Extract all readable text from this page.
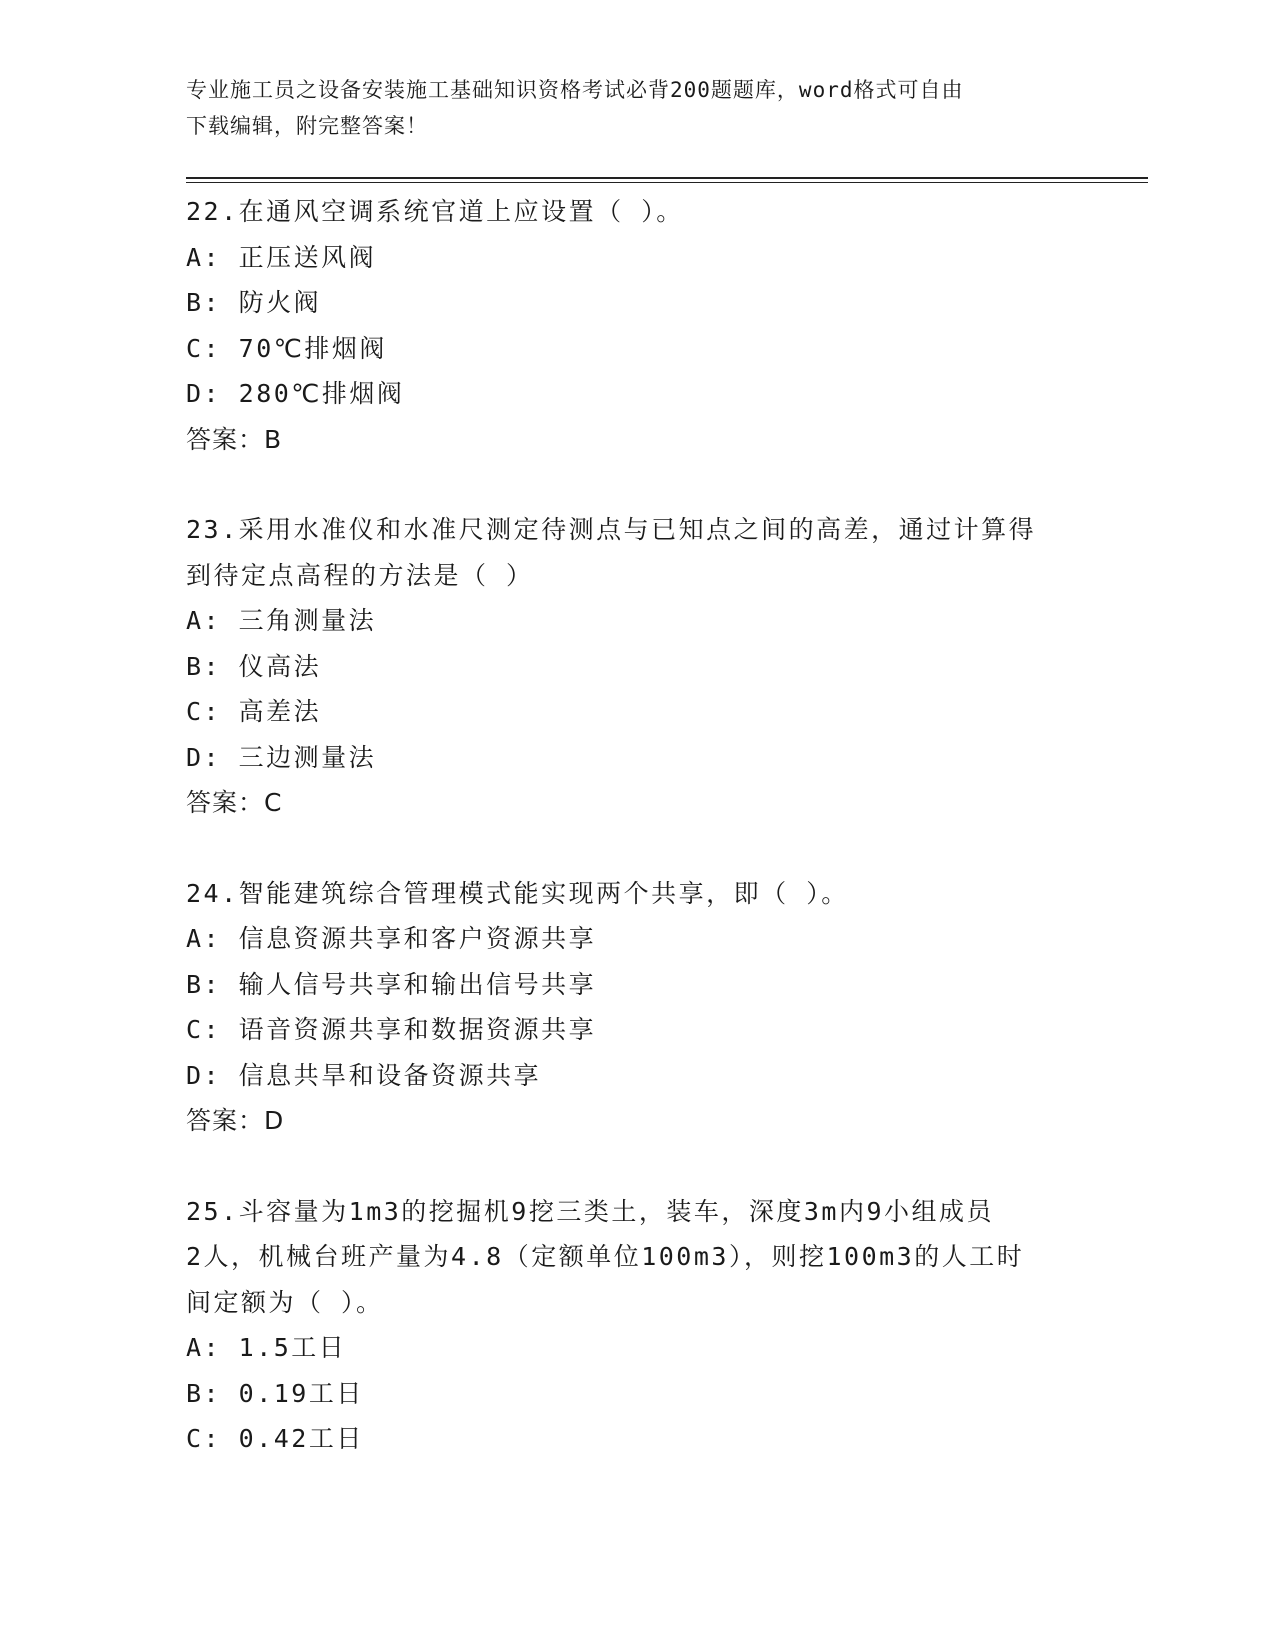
专业施工员之设备安装施工基础知识资格考试必背200题题库，word格式可自由
下载编辑，附完整答案！
22.在通风空调系统官道上应设置（ ）。
A: 正压送风阀
B: 防火阀
C: 70℃排烟阀
D: 280℃排烟阀
答案：B
23.采用水准仪和水准尺测定待测点与已知点之间的高差，通过计算得
到待定点高程的方法是（ ）
A: 三角测量法
B: 仪高法
C: 高差法
D: 三边测量法
答案：C
24.智能建筑综合管理模式能实现两个共享，即（ ）。
A: 信息资源共享和客户资源共享
B: 输人信号共享和输出信号共享
C: 语音资源共享和数据资源共享
D: 信息共旱和设备资源共享
答案：D
25.斗容量为1m3的挖掘机9挖三类土，装车，深度3m内9小组成员
2人，机械台班产量为4.8（定额单位100m3），则挖100m3的人工时
间定额为（ ）。
A: 1.5工日
B: 0.19工日
C: 0.42工日
